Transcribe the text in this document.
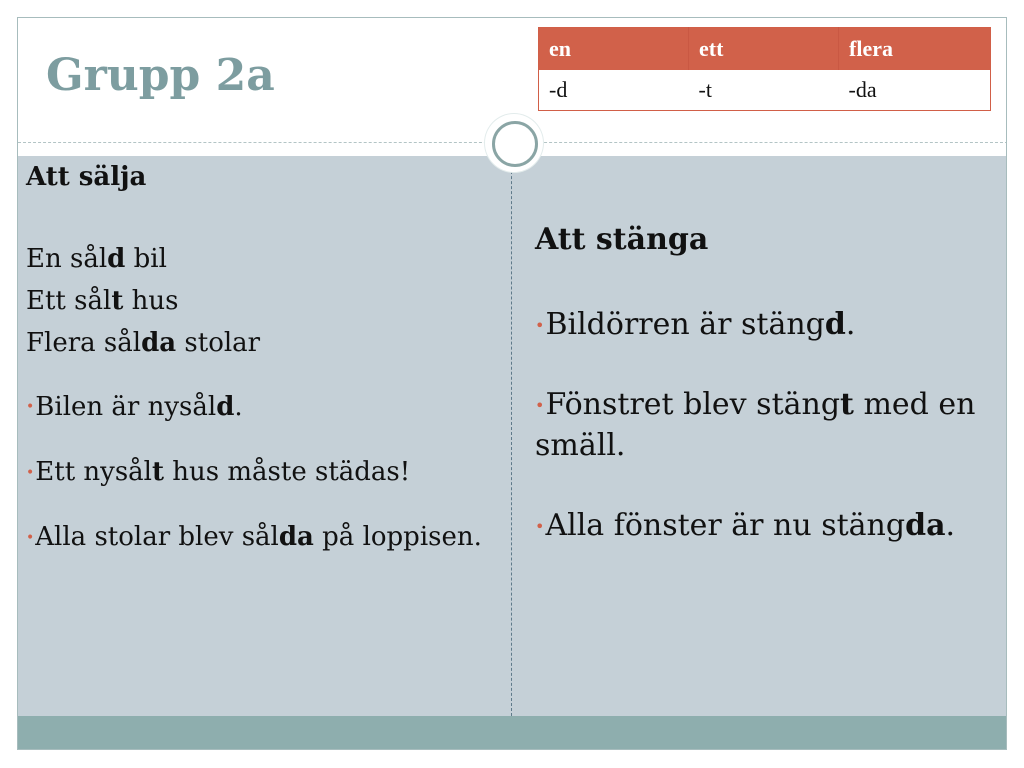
Grupp 2a
en	ett	flera
-d	-t	-da

Att sälja

En såld bil

Ett sålt hus

Flera sålda stolar

•Bilen är nysåld.

•Ett nysålt hus måste städas!

•Alla stolar blev sålda på loppisen.

Att stänga

•Bildörren är stängd.

•Fönstret blev stängt med en smäll.

•Alla fönster är nu stängda.
